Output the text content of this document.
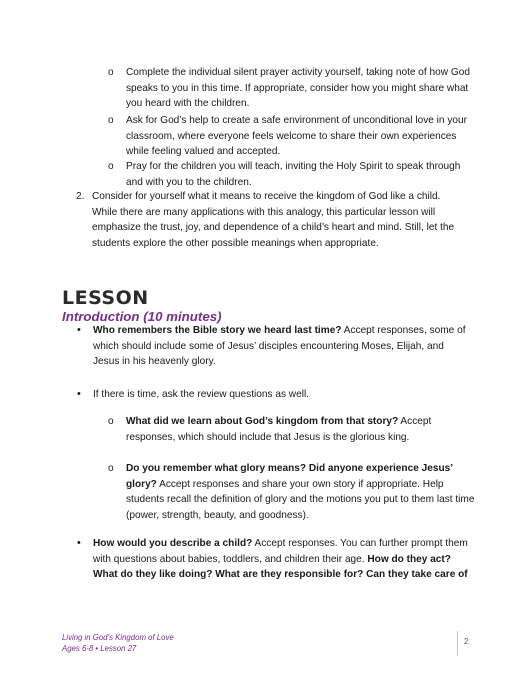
o Complete the individual silent prayer activity yourself, taking note of how God speaks to you in this time. If appropriate, consider how you might share what you heard with the children.
o Ask for God’s help to create a safe environment of unconditional love in your classroom, where everyone feels welcome to share their own experiences while feeling valued and accepted.
o Pray for the children you will teach, inviting the Holy Spirit to speak through and with you to the children.
2. Consider for yourself what it means to receive the kingdom of God like a child. While there are many applications with this analogy, this particular lesson will emphasize the trust, joy, and dependence of a child’s heart and mind. Still, let the students explore the other possible meanings when appropriate.
LESSON
Introduction (10 minutes)
• Who remembers the Bible story we heard last time? Accept responses, some of which should include some of Jesus’ disciples encountering Moses, Elijah, and Jesus in his heavenly glory.
• If there is time, ask the review questions as well.
o What did we learn about God’s kingdom from that story? Accept responses, which should include that Jesus is the glorious king.
o Do you remember what glory means? Did anyone experience Jesus’ glory? Accept responses and share your own story if appropriate. Help students recall the definition of glory and the motions you put to them last time (power, strength, beauty, and goodness).
• How would you describe a child? Accept responses. You can further prompt them with questions about babies, toddlers, and children their age. How do they act? What do they like doing? What are they responsible for? Can they take care of
Living in God’s Kingdom of Love
Ages 6-8 • Lesson 27
2
